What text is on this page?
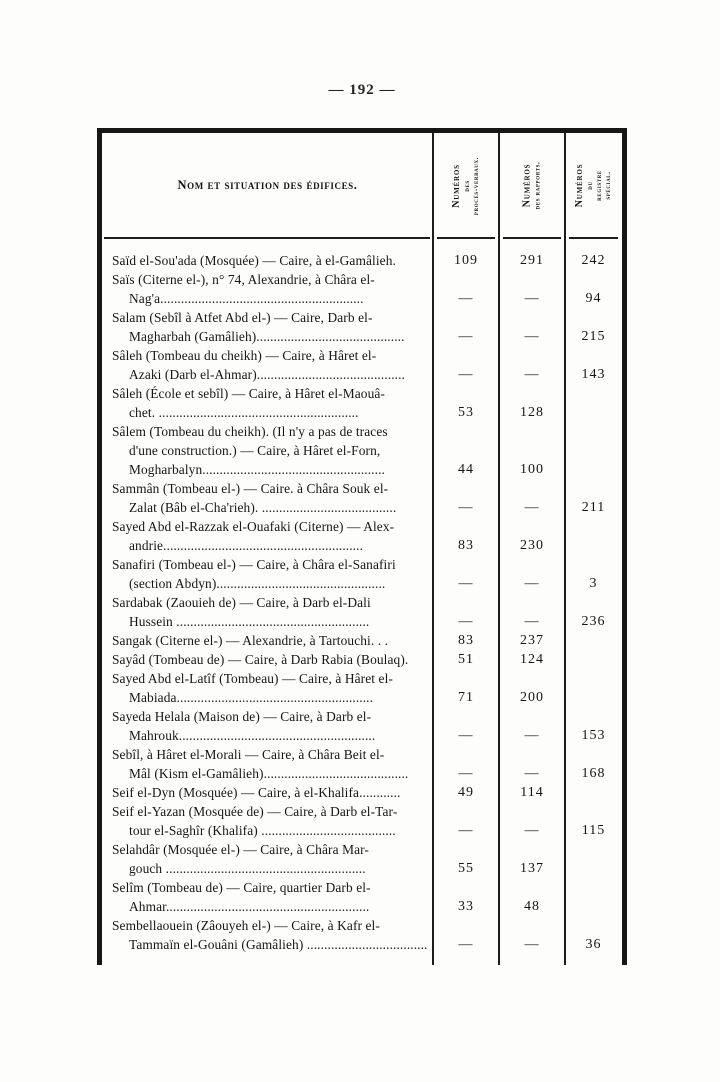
— 192 —
Nom et situation des édifices.	Numéros des procès-verbaux.	Numéros des rapports.	Numéros du registre spécial.
Saïd el-Sou'ada (Mosquée) — Caire, à el-Gamâlieh.	109	291	242
Saïs (Citerne el-), n° 74, Alexandrie, à Châra el-
Nag'a...........................................................	—	—	94
Salam (Sebîl à Atfet Abd el-) — Caire, Darb el-
Magharbah (Gamâlieh)...........................................	—	—	215
Sâleh (Tombeau du cheikh) — Caire, à Hâret el-
Azaki (Darb el-Ahmar)...........................................	—	—	143
Sâleh (École et sebîl) — Caire, à Hâret el-Maouâ-
chet. ..........................................................	53	128
Sâlem (Tombeau du cheikh). (Il n'y a pas de traces
d'une construction.) — Caire, à Hâret el-Forn,
Mogharbalyn.....................................................	44	100
Sammân (Tombeau el-) — Caire. à Châra Souk el-
Zalat (Bâb el-Cha'rieh). .......................................	—	—	211
Sayed Abd el-Razzak el-Ouafaki (Citerne) — Alex-
andrie..........................................................	83	230
Sanafiri (Tombeau el-) — Caire, à Châra el-Sanafiri
(section Abdyn).................................................	—	—	3
Sardabak (Zaouieh de) — Caire, à Darb el-Dali
Hussein ........................................................	—	—	236
Sangak (Citerne el-) — Alexandrie, à Tartouchi. . .	83	237
Sayâd (Tombeau de) — Caire, à Darb Rabia (Boulaq).	51	124
Sayed Abd el-Latîf (Tombeau) — Caire, à Hâret el-
Mabiada.........................................................	71	200
Sayeda Helala (Maison de) — Caire, à Darb el-
Mahrouk.........................................................	—	—	153
Sebîl, à Hâret el-Morali — Caire, à Châra Beit el-
Mâl (Kism el-Gamâlieh)..........................................	—	—	168
Seif el-Dyn (Mosquée) — Caire, à el-Khalifa............	49	114
Seif el-Yazan (Mosquée de) — Caire, à Darb el-Tar-
tour el-Saghîr (Khalifa) .......................................	—	—	115
Selahdâr (Mosquée el-) — Caire, à Châra Mar-
gouch ..........................................................	55	137
Selîm (Tombeau de) — Caire, quartier Darb el-
Ahmar...........................................................	33	48
Sembellaouein (Zâouyeh el-) — Caire, à Kafr el-
Tammaïn el-Gouâni (Gamâlieh) ................................... —	—	36
